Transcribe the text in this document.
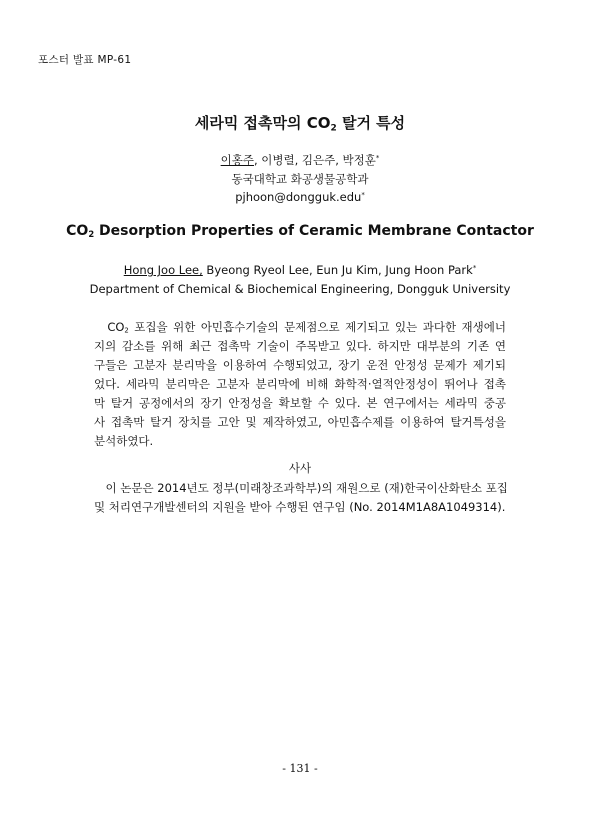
포스터 발표 MP-61
세라믹 접촉막의 $CO_2$ 탈거 특성
이홍주, 이병렬, 김은주, 박정훈*
동국대학교 화공생물공학과
pjhoon@dongguk.edu*
$CO_2$ Desorption Properties of Ceramic Membrane Contactor
Hong Joo Lee, Byeong Ryeol Lee, Eun Ju Kim, Jung Hoon Park*
Department of Chemical & Biochemical Engineering, Dongguk University
　$CO_2$ 포집을 위한 아민흡수기술의 문제점으로 제기되고 있는 과다한 재생에너
지의 감소를 위해 최근 접촉막 기술이 주목받고 있다. 하지만 대부분의 기존 연
구들은 고분자 분리막을 이용하여 수행되었고, 장기 운전 안정성 문제가 제기되
었다. 세라믹 분리막은 고분자 분리막에 비해 화학적·열적안정성이 뛰어나 접촉
막 탈거 공정에서의 장기 안정성을 확보할 수 있다. 본 연구에서는 세라믹 중공
사 접촉막 탈거 장치를 고안 및 제작하였고, 아민흡수제를 이용하여 탈거특성을
분석하였다.
사사
　이 논문은 2014년도 정부(미래창조과학부)의 재원으로 (재)한국이산화탄소 포집
및 처리연구개발센터의 지원을 받아 수행된 연구임 (No. 2014M1A8A1049314).
- 131 -
